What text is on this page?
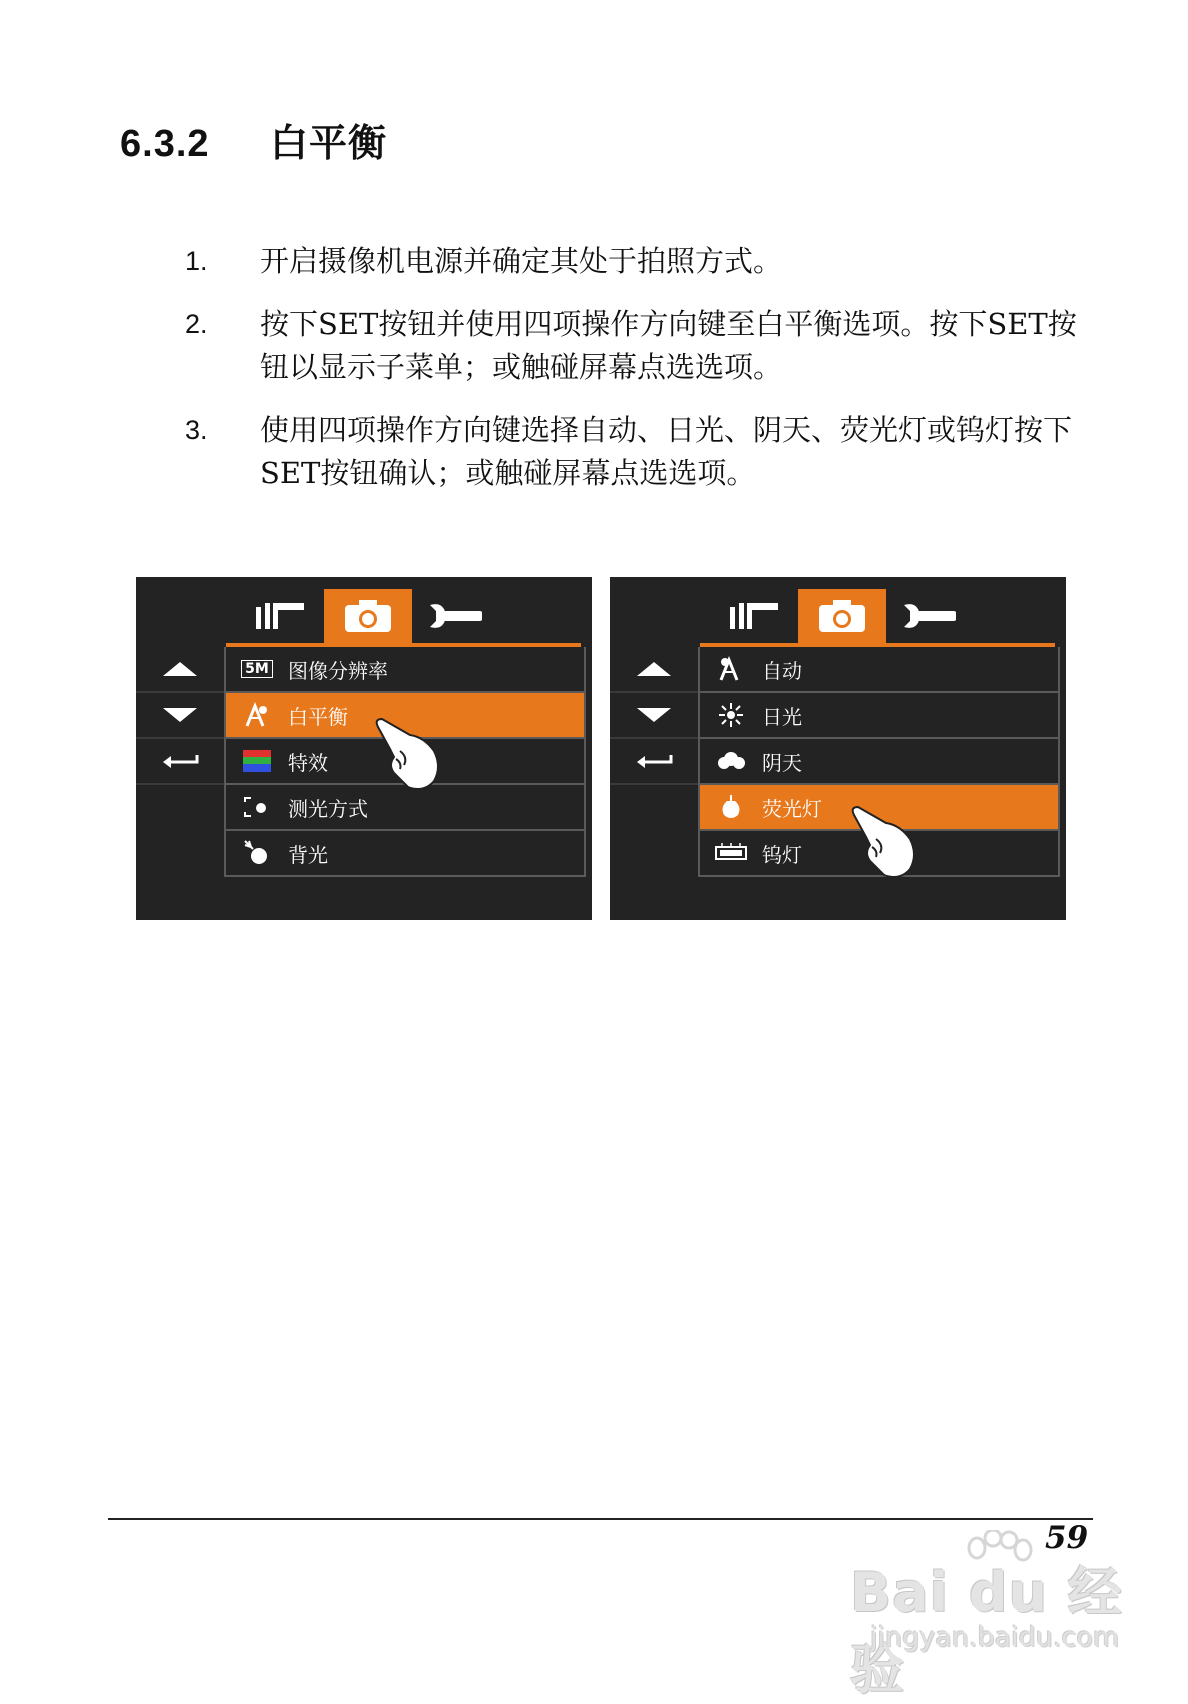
6.3.2 白平衡
1.	开启摄像机电源并确定其处于拍照方式。
2.	按下SET按钮并使用四项操作方向键至白平衡选项。按下SET按钮以显示子菜单；或触碰屏幕点选选项。
3.	使用四项操作方向键选择自动、日光、阴天、荧光灯或钨灯按下SET按钮确认；或触碰屏幕点选选项。
5M 图像分辨率
白平衡
特效
测光方式
背光
自动
日光
阴天
荧光灯
钨灯
59
Bai du 经验
jingyan.baidu.com
